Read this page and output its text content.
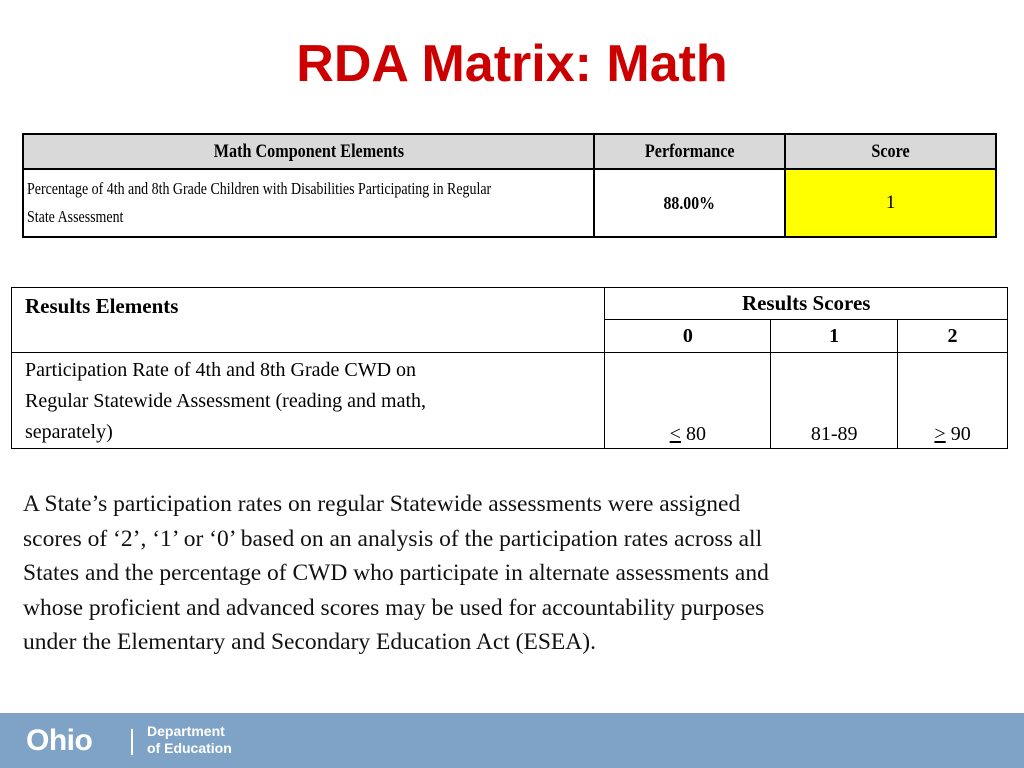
RDA Matrix: Math
Math Component Elements	Performance	Score
Percentage of 4th and 8th Grade Children with Disabilities Participating in Regular
State Assessment	88.00%	1
Results Elements	Results Scores		
	0	1	2
Participation Rate of 4th and 8th Grade CWD on
Regular Statewide Assessment (reading and math,
separately)	< 80	81-89	> 90
A State’s participation rates on regular Statewide assessments were assigned
scores of ‘2’, ‘1’ or ‘0’ based on an analysis of the participation rates across all
States and the percentage of CWD who participate in alternate assessments and
whose proficient and advanced scores may be used for accountability purposes
under the Elementary and Secondary Education Act (ESEA).
Ohio	Department
of Education
